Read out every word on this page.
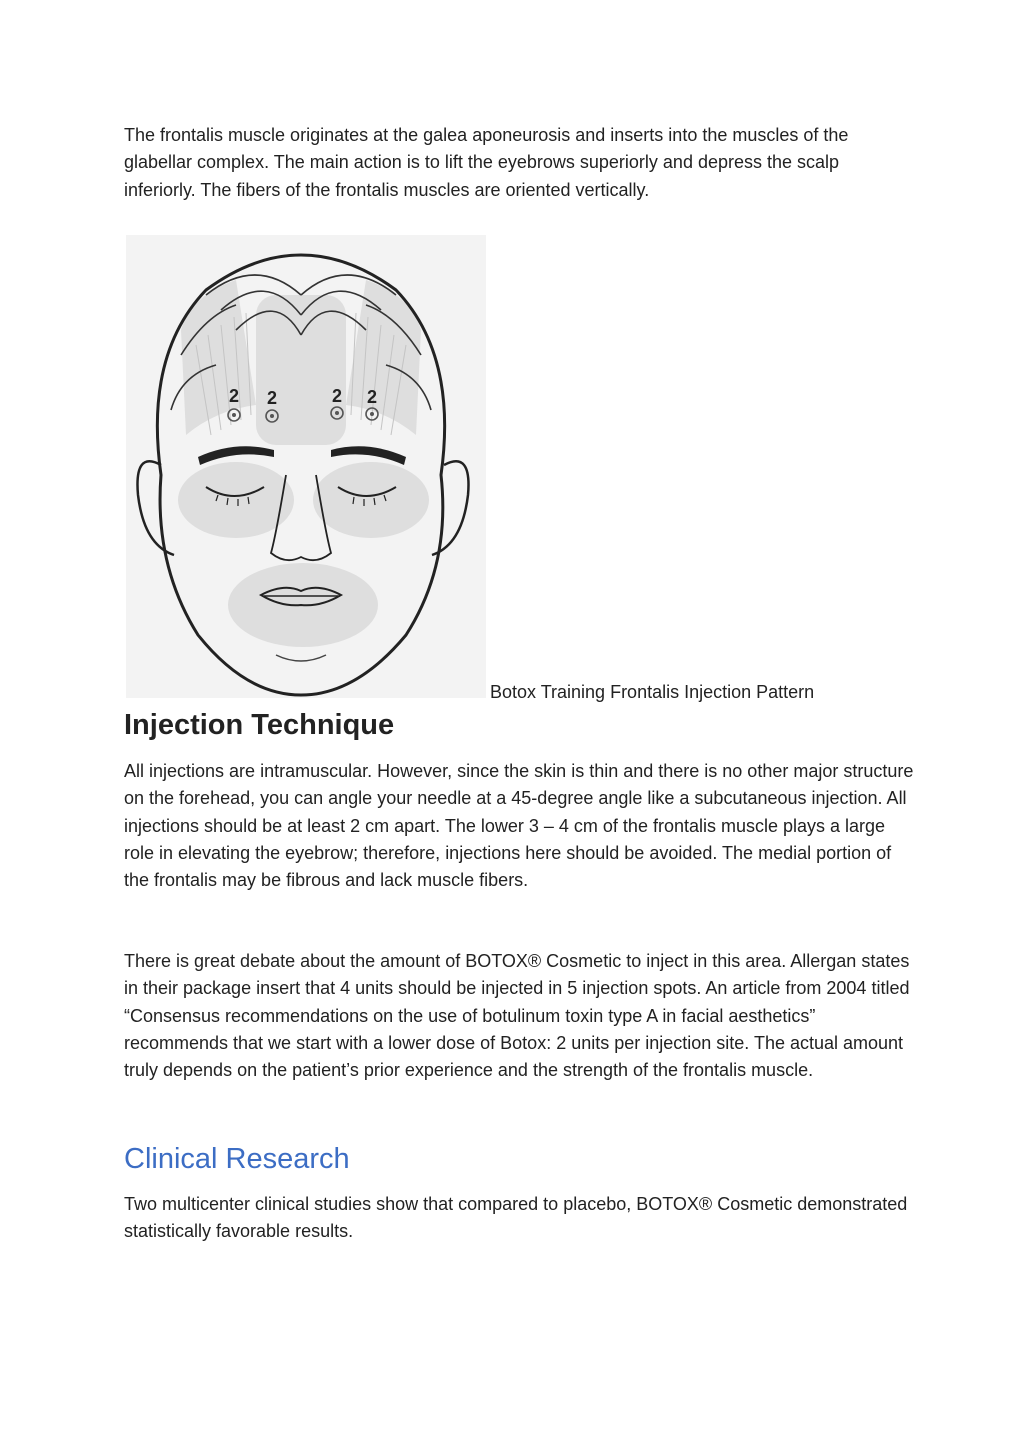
The frontalis muscle originates at the galea aponeurosis and inserts into the muscles of the glabellar complex. The main action is to lift the eyebrows superiorly and depress the scalp inferiorly. The fibers of the frontalis muscles are oriented vertically.

2 2	2 2
Botox Training Frontalis Injection Pattern
Injection Technique

All injections are intramuscular. However, since the skin is thin and there is no other major structure on the forehead, you can angle your needle at a 45-degree angle like a subcutaneous injection. All injections should be at least 2 cm apart. The lower 3 – 4 cm of the frontalis muscle plays a large role in elevating the eyebrow; therefore, injections here should be avoided. The medial portion of the frontalis may be fibrous and lack muscle fibers.

There is great debate about the amount of BOTOX® Cosmetic to inject in this area. Allergan states in their package insert that 4 units should be injected in 5 injection spots. An article from 2004 titled “Consensus recommendations on the use of botulinum toxin type A in facial aesthetics” recommends that we start with a lower dose of Botox: 2 units per injection site. The actual amount truly depends on the patient’s prior experience and the strength of the frontalis muscle.

Clinical Research

Two multicenter clinical studies show that compared to placebo, BOTOX® Cosmetic demonstrated statistically favorable results.
